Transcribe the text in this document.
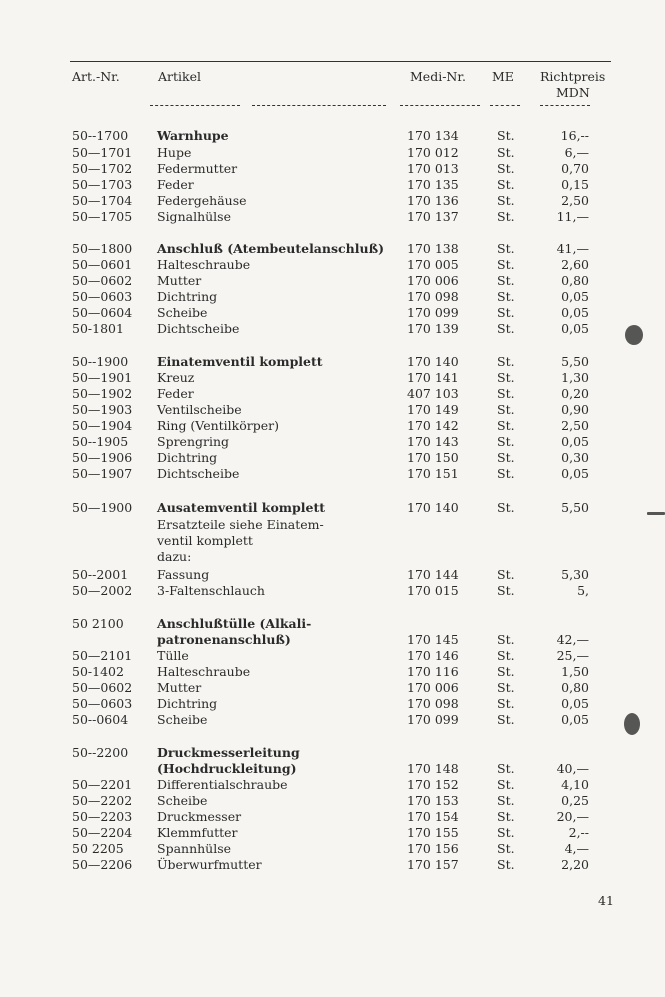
Art.-Nr.	Artikel	Medi-Nr. ME Richtpreis
MDN
50--1700 Warnhupe	170 134	St.	16,--
50—1701 Hupe	170 012	St.	6,—
50—1702 Federmutter	170 013	St.	0,70
50—1703 Feder	170 135	St.	0,15
50—1704 Federgehäuse	170 136	St.	2,50
50—1705 Signalhülse	170 137	St.	11,—
50—1800 Anschluß (Atembeutelanschluß) 170 138	St.	41,—
50—0601 Halteschraube	170 005	St.	2,60
50—0602 Mutter	170 006	St.	0,80
50—0603 Dichtring	170 098	St.	0,05
50—0604 Scheibe	170 099	St.	0,05
50-1801	Dichtscheibe	170 139	St.	0,05
50--1900 Einatemventil komplett	170 140	St.	5,50
50—1901 Kreuz	170 141	St.	1,30
50—1902 Feder	407 103	St.	0,20
50—1903 Ventilscheibe	170 149	St.	0,90
50—1904 Ring (Ventilkörper)	170 142	St.	2,50
50--1905 Sprengring	170 143	St.	0,05
50—1906 Dichtring	170 150	St.	0,30
50—1907 Dichtscheibe	170 151	St.	0,05
50—1900 Ausatemventil komplett	170 140	St.	5,50
Ersatzteile siehe Einatem-
ventil komplett
dazu:
50--2001 Fassung	170 144	St.	5,30
50—2002 3-Faltenschlauch	170 015	St.	5,
50 2100	Anschlußtülle (Alkali-
patronenanschluß)	170 145	St.	42,—
50—2101 Tülle	170 146	St.	25,—
50-1402	Halteschraube	170 116	St.	1,50
50—0602 Mutter	170 006	St.	0,80
50—0603 Dichtring	170 098	St.	0,05
50--0604 Scheibe	170 099	St.	0,05
50--2200 Druckmesserleitung
(Hochdruckleitung)	170 148	St.	40,—
50—2201 Differentialschraube	170 152	St.	4,10
50—2202 Scheibe	170 153	St.	0,25
50—2203 Druckmesser	170 154	St.	20,—
50—2204 Klemmfutter	170 155	St.	2,--
50 2205	Spannhülse	170 156	St.	4,—
50—2206 Überwurfmutter	170 157	St.	2,20
41
